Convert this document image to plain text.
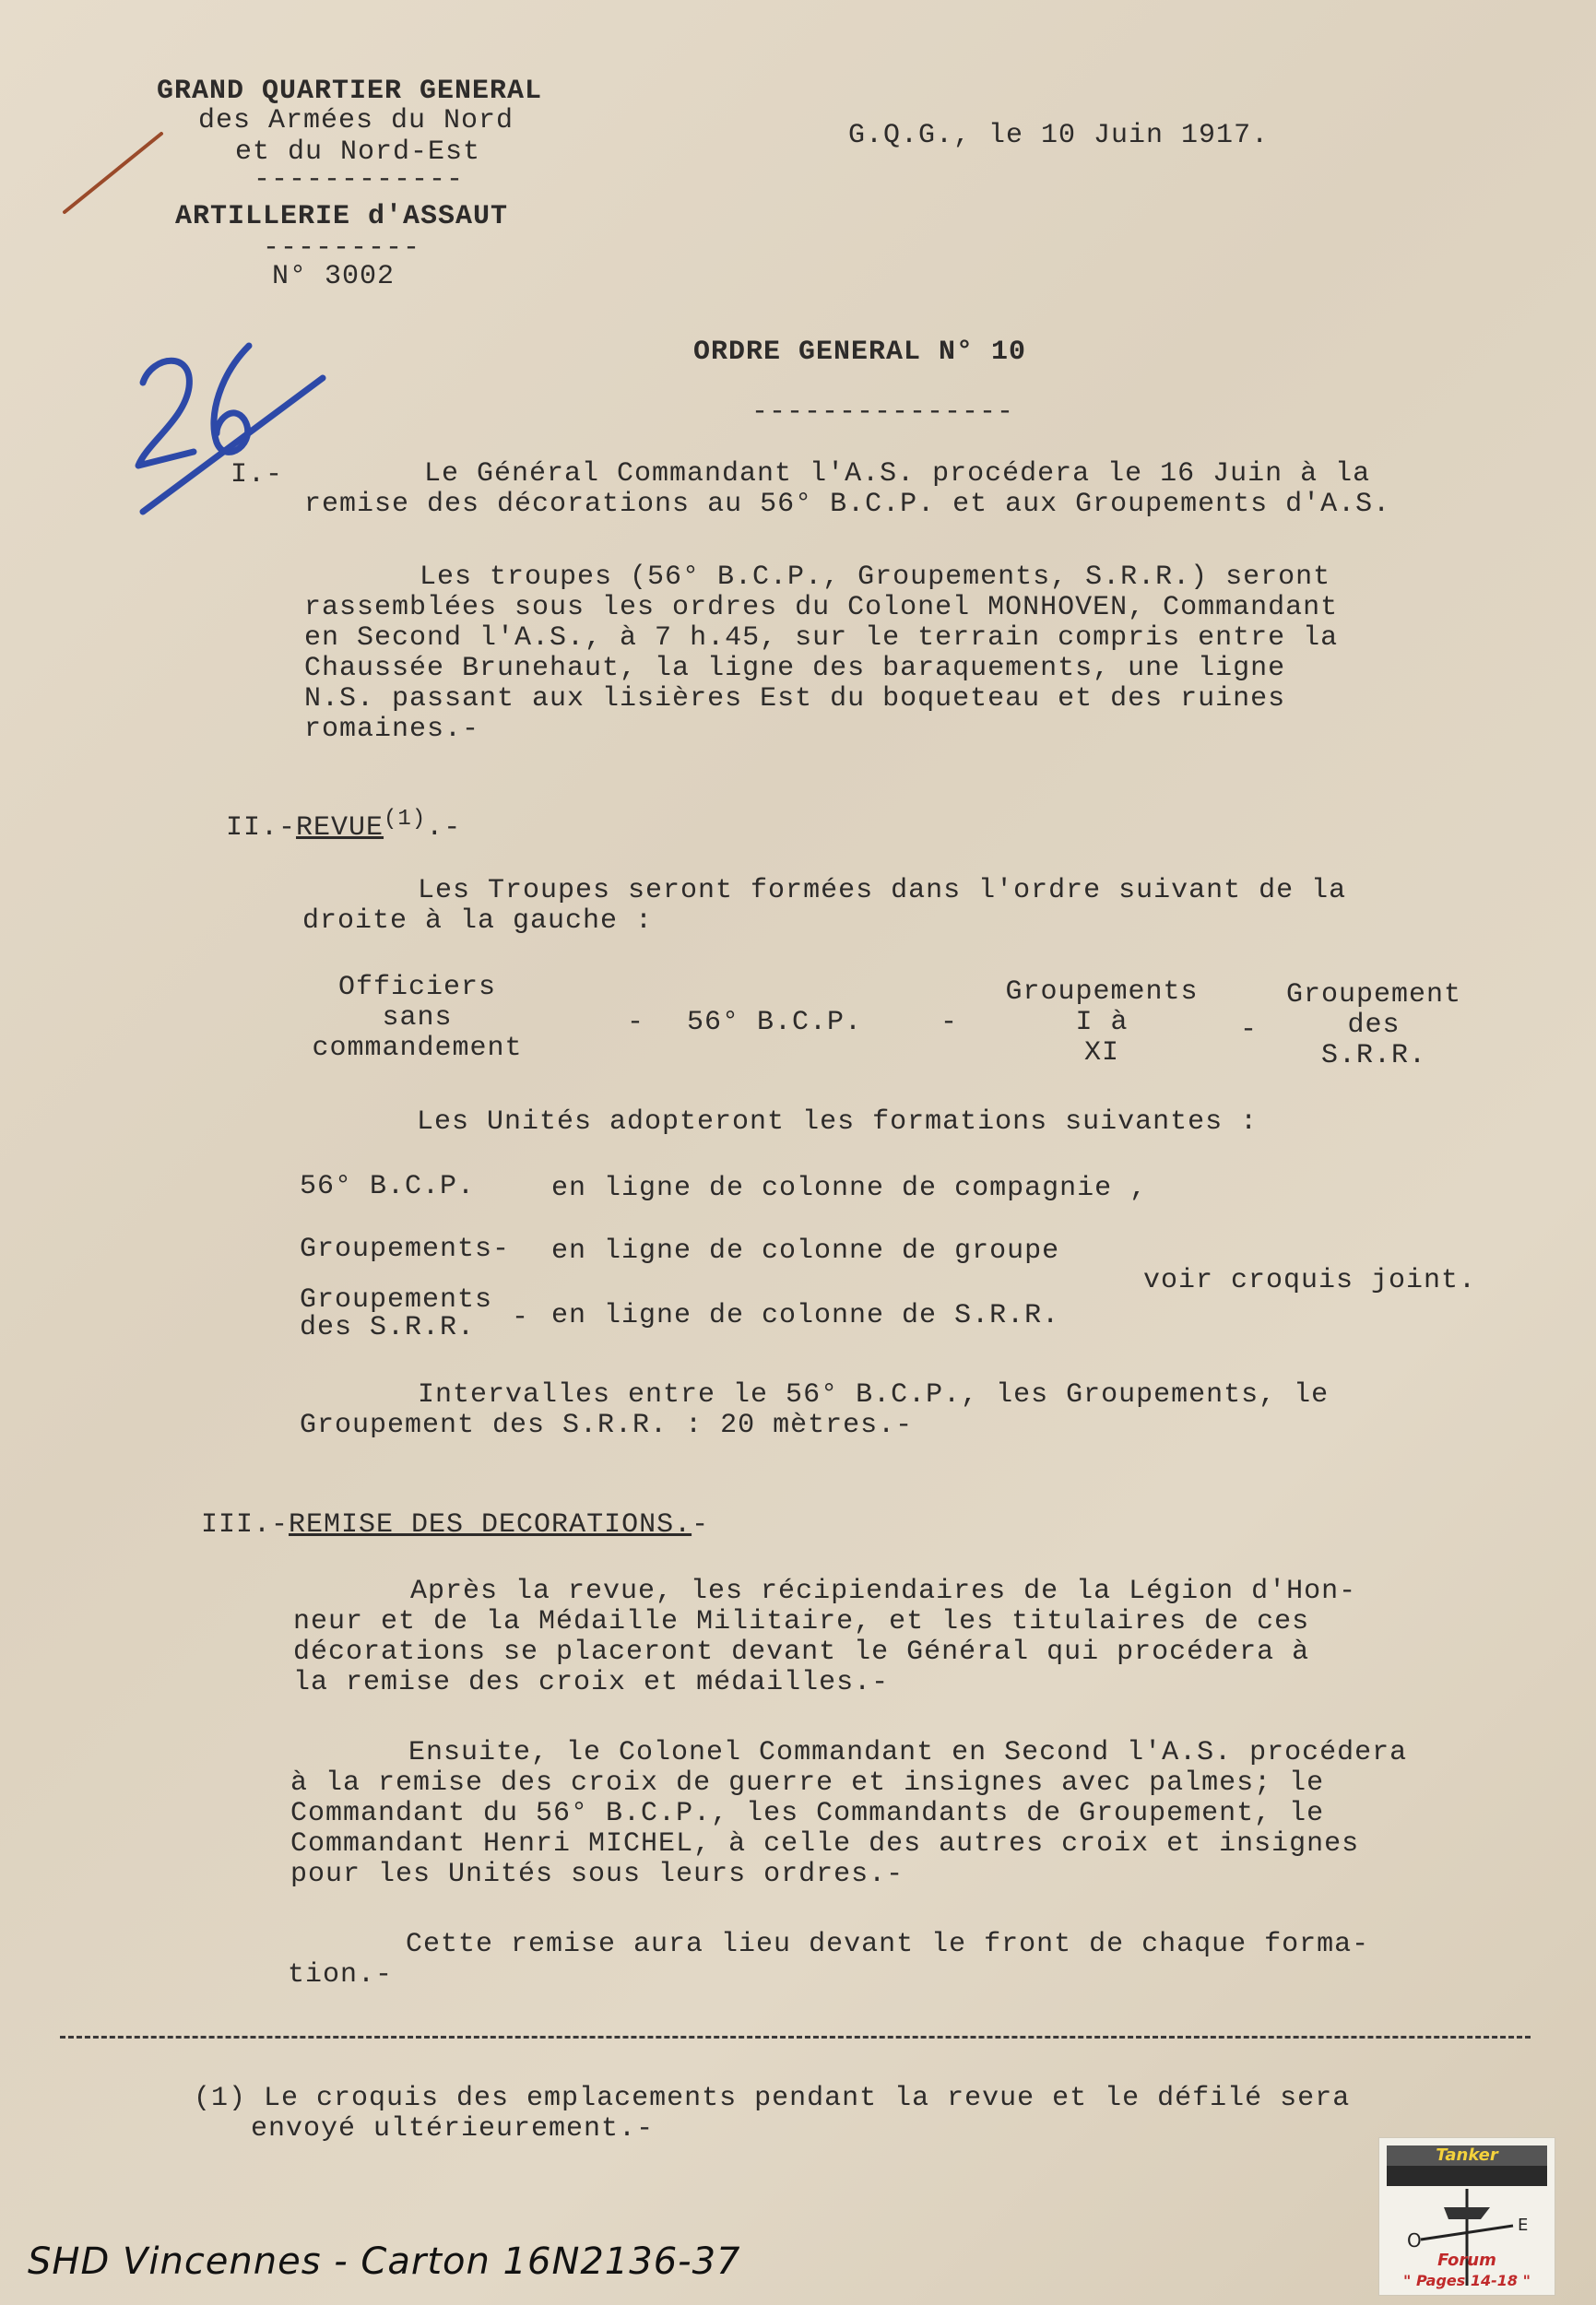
GRAND QUARTIER GENERAL
des Armées du Nord
et du Nord-Est
------------
ARTILLERIE d'ASSAUT
---------
N° 3002
G.Q.G., le 10 Juin 1917.
ORDRE GENERAL N° 10
---------------
I.-	Le Général Commandant l'A.S. procédera le 16 Juin à la
remise des décorations au 56° B.C.P. et aux Groupements d'A.S.
Les troupes (56° B.C.P., Groupements, S.R.R.) seront
rassemblées sous les ordres du Colonel MONHOVEN, Commandant
en Second l'A.S., à 7 h.45, sur le terrain compris entre la
Chaussée Brunehaut, la ligne des baraquements, une ligne
N.S. passant aux lisières Est du boqueteau et des ruines
romaines.-
II.-REVUE$^{(1)}$.-
Les Troupes seront formées dans l'ordre suivant de la
droite à la gauche :
Officiers
sans
commandement
- 56° B.C.P.	-
Groupements
I à
XI
-
Groupement
des
S.R.R.
Les Unités adopteront les formations suivantes :
56° B.C.P.	en ligne de colonne de compagnie ,
Groupements- en ligne de colonne de groupe
Groupements
des S.R.R.	- en ligne de colonne de S.R.R.
voir croquis joint.
Intervalles entre le 56° B.C.P., les Groupements, le
Groupement des S.R.R. : 20 mètres.-
III.-REMISE DES DECORATIONS.-
Après la revue, les récipiendaires de la Légion d'Hon-
neur et de la Médaille Militaire, et les titulaires de ces
décorations se placeront devant le Général qui procédera à
la remise des croix et médailles.-
Ensuite, le Colonel Commandant en Second l'A.S. procédera
à la remise des croix de guerre et insignes avec palmes; le
Commandant du 56° B.C.P., les Commandants de Groupement, le
Commandant Henri MICHEL, à celle des autres croix et insignes
pour les Unités sous leurs ordres.-
Cette remise aura lieu devant le front de chaque forma-
tion.-
(1) Le croquis des emplacements pendant la revue et le défilé sera
envoyé ultérieurement.-
SHD Vincennes - Carton 16N2136-37
Tanker
O
E
Forum
" Pages 14-18 "
